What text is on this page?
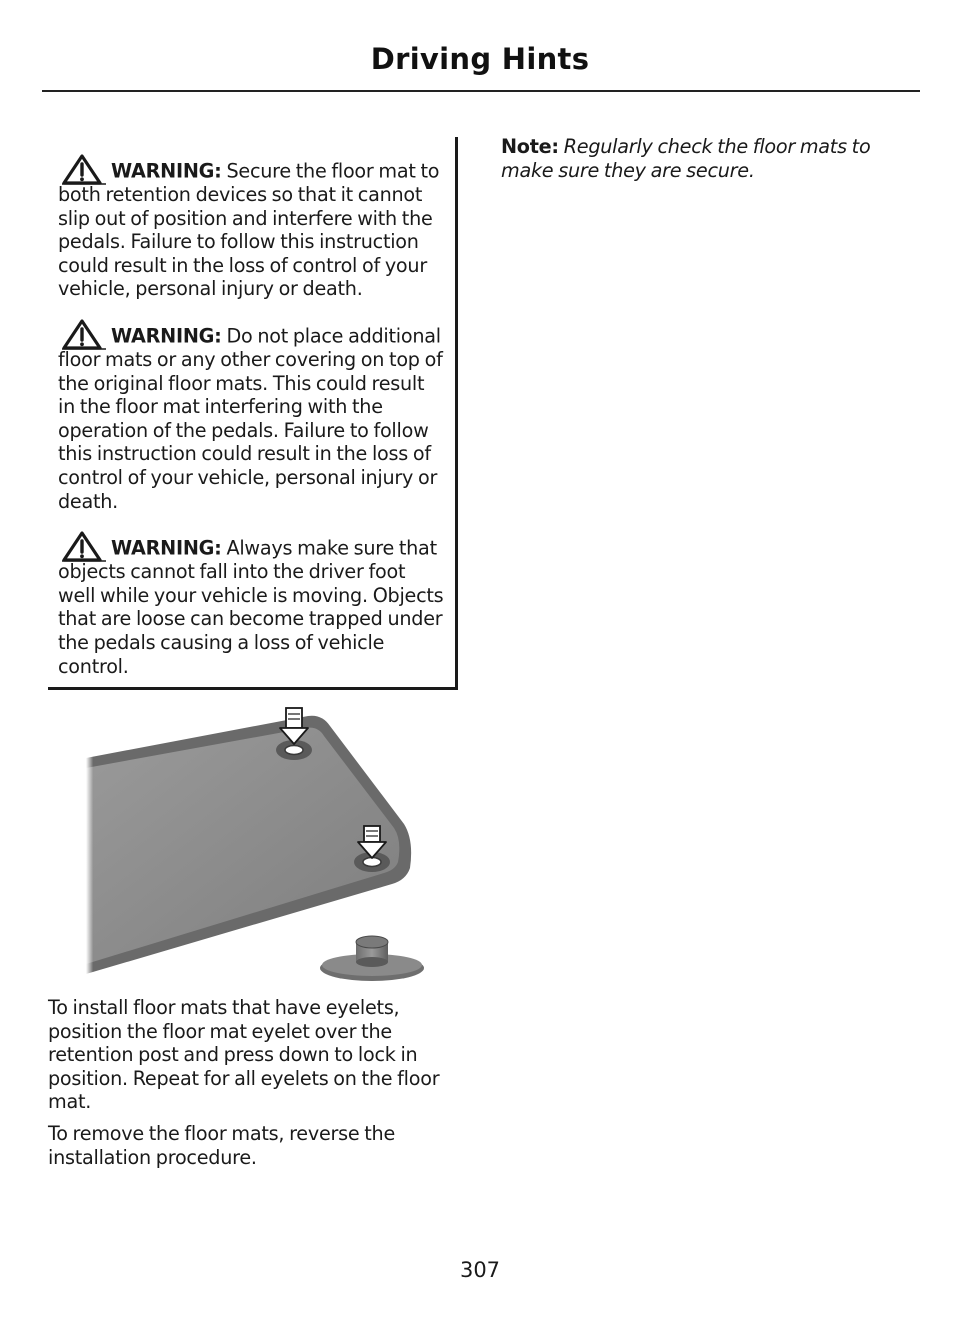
Driving Hints

WARNING: Secure the floor mat to both retention devices so that it cannot slip out of position and interfere with the pedals. Failure to follow this instruction could result in the loss of control of your vehicle, personal injury or death.

WARNING: Do not place additional floor mats or any other covering on top of the original floor mats. This could result in the floor mat interfering with the operation of the pedals. Failure to follow this instruction could result in the loss of control of your vehicle, personal injury or death.

WARNING: Always make sure that objects cannot fall into the driver foot well while your vehicle is moving. Objects that are loose can become trapped under the pedals causing a loss of vehicle control.

To install floor mats that have eyelets, position the floor mat eyelet over the retention post and press down to lock in position. Repeat for all eyelets on the floor mat.

To remove the floor mats, reverse the installation procedure.

Note: Regularly check the floor mats to make sure they are secure.

307
